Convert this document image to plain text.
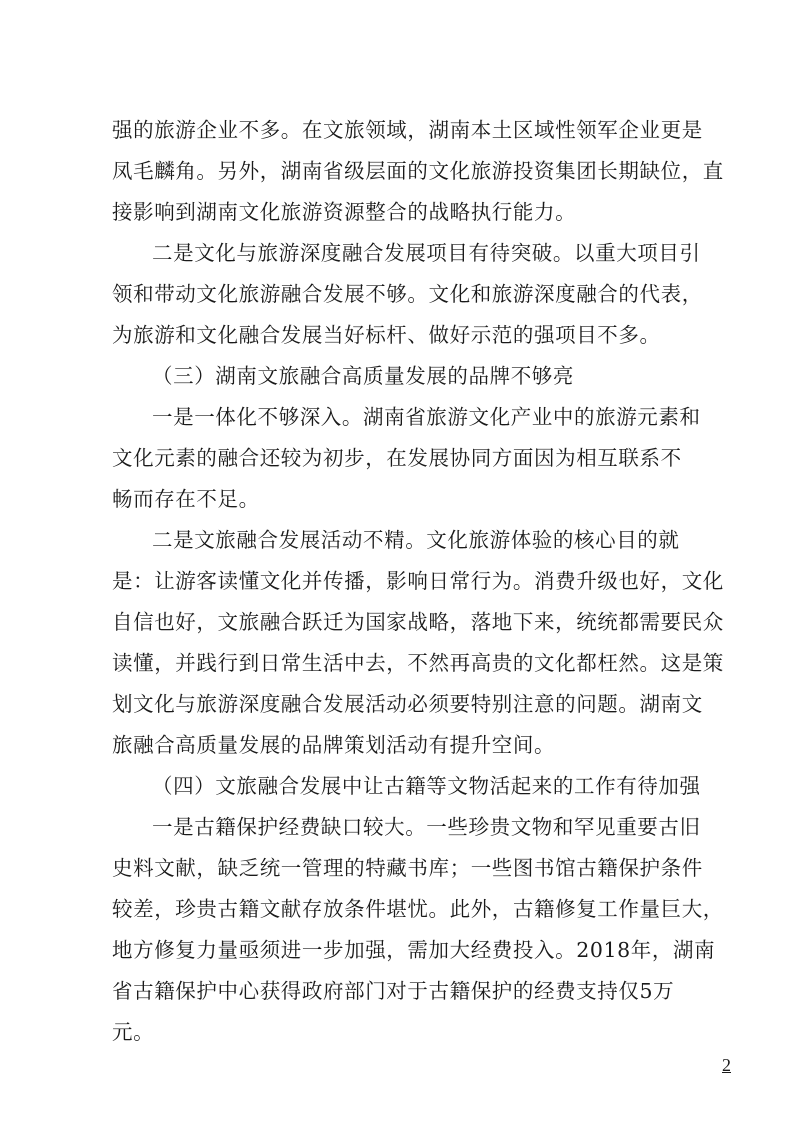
强的旅游企业不多。在文旅领域，湖南本土区域性领军企业更是
凤毛麟角。另外，湖南省级层面的文化旅游投资集团长期缺位，直
接影响到湖南文化旅游资源整合的战略执行能力。
二是文化与旅游深度融合发展项目有待突破。以重大项目引
领和带动文化旅游融合发展不够。文化和旅游深度融合的代表，
为旅游和文化融合发展当好标杆、做好示范的强项目不多。
（三）湖南文旅融合高质量发展的品牌不够亮
一是一体化不够深入。湖南省旅游文化产业中的旅游元素和
文化元素的融合还较为初步，在发展协同方面因为相互联系不
畅而存在不足。
二是文旅融合发展活动不精。文化旅游体验的核心目的就
是：让游客读懂文化并传播，影响日常行为。消费升级也好，文化
自信也好，文旅融合跃迁为国家战略，落地下来，统统都需要民众
读懂，并践行到日常生活中去，不然再高贵的文化都枉然。这是策
划文化与旅游深度融合发展活动必须要特别注意的问题。湖南文
旅融合高质量发展的品牌策划活动有提升空间。
（四）文旅融合发展中让古籍等文物活起来的工作有待加强
一是古籍保护经费缺口较大。一些珍贵文物和罕见重要古旧
史料文献，缺乏统一管理的特藏书库；一些图书馆古籍保护条件
较差，珍贵古籍文献存放条件堪忧。此外，古籍修复工作量巨大，
地方修复力量亟须进一步加强，需加大经费投入。2018年，湖南
省古籍保护中心获得政府部门对于古籍保护的经费支持仅5万
元。
2
